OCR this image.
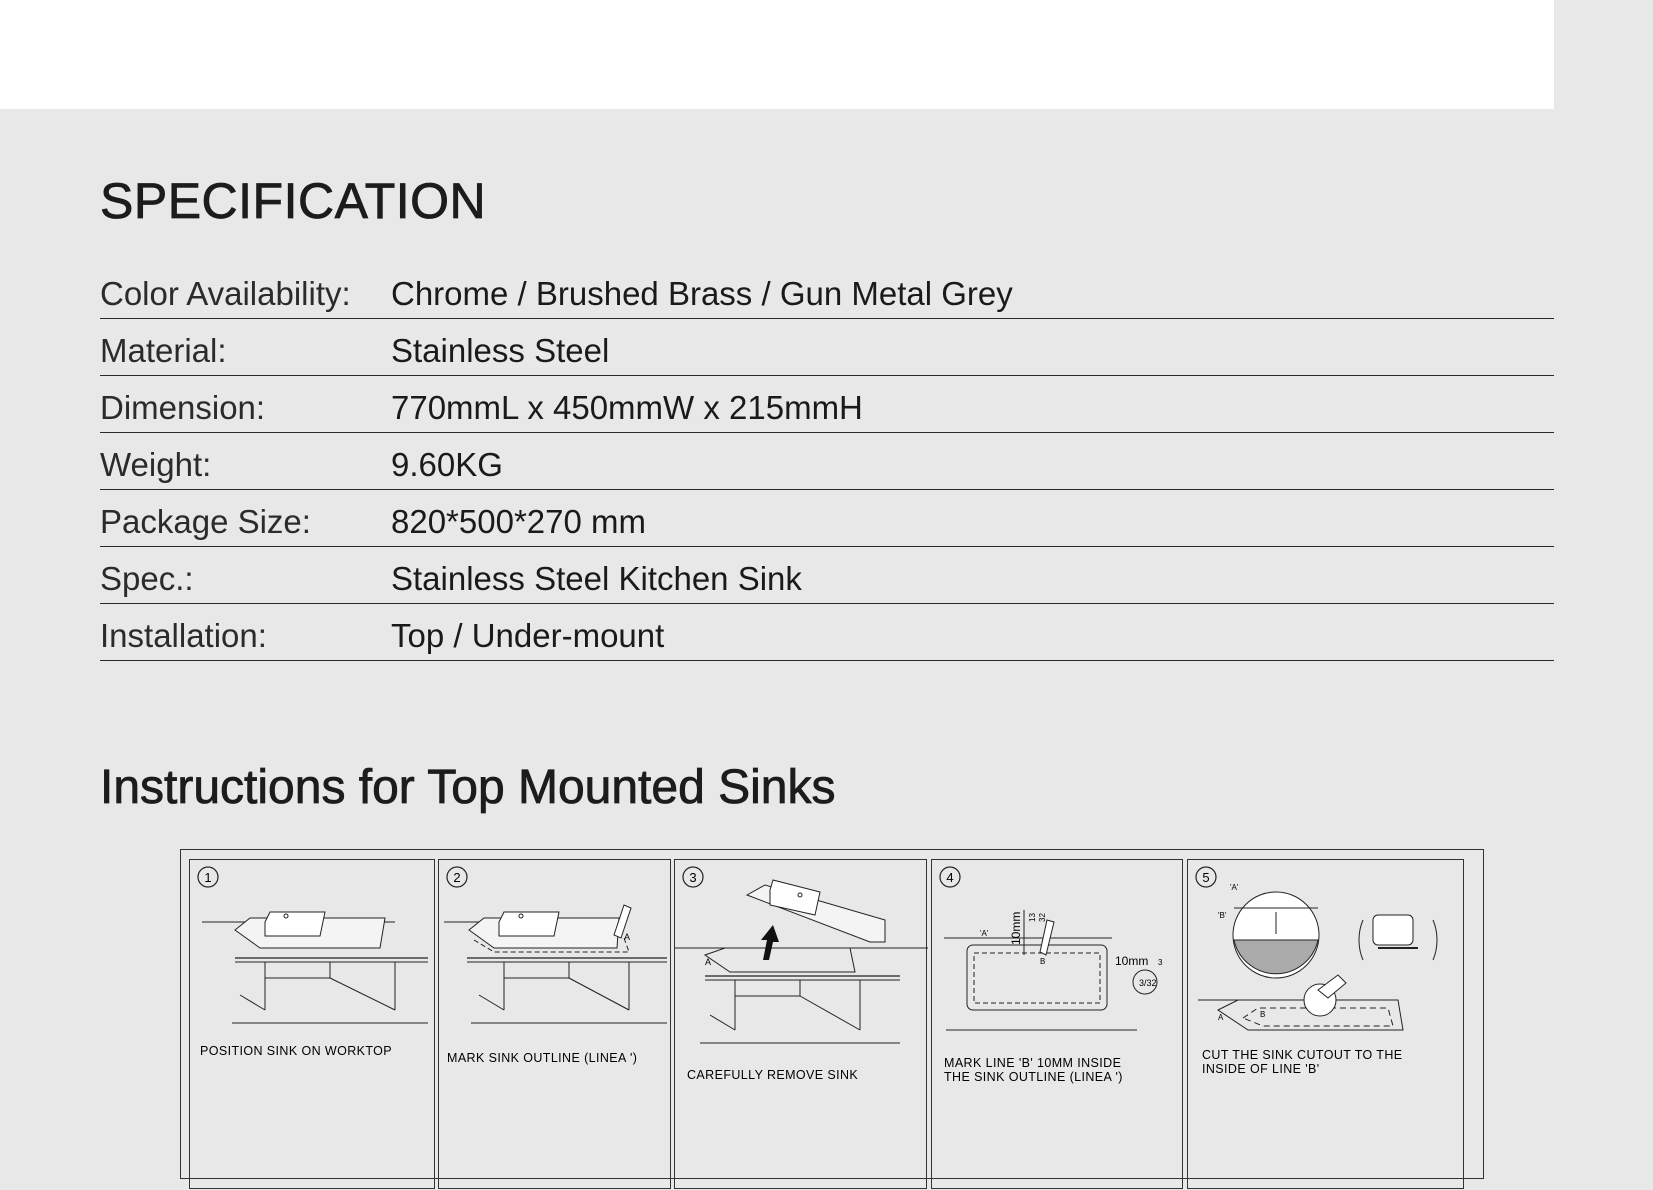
SPECIFICATION
Color Availability: Chrome / Brushed Brass / Gun Metal Grey
Material:	Stainless Steel
Dimension:	770mmL x 450mmW x 215mmH
Weight:	9.60KG
Package Size: 820*500*270 mm
Spec.:	Stainless Steel Kitchen Sink
Installation:	Top / Under-mount
Instructions for Top Mounted Sinks
1
POSITION SINK ON WORKTOP
2
A
MARK SINK OUTLINE (LINEA ')
3
A
CAREFULLY REMOVE SINK
4
'A' 10mm 13 32
B	10mm 3
3/32
MARK LINE 'B' 10MM INSIDE THE SINK OUTLINE (LINEA ')
5
'A'
'B'
A	B
CUT THE SINK CUTOUT TO THE INSIDE OF LINE 'B'
